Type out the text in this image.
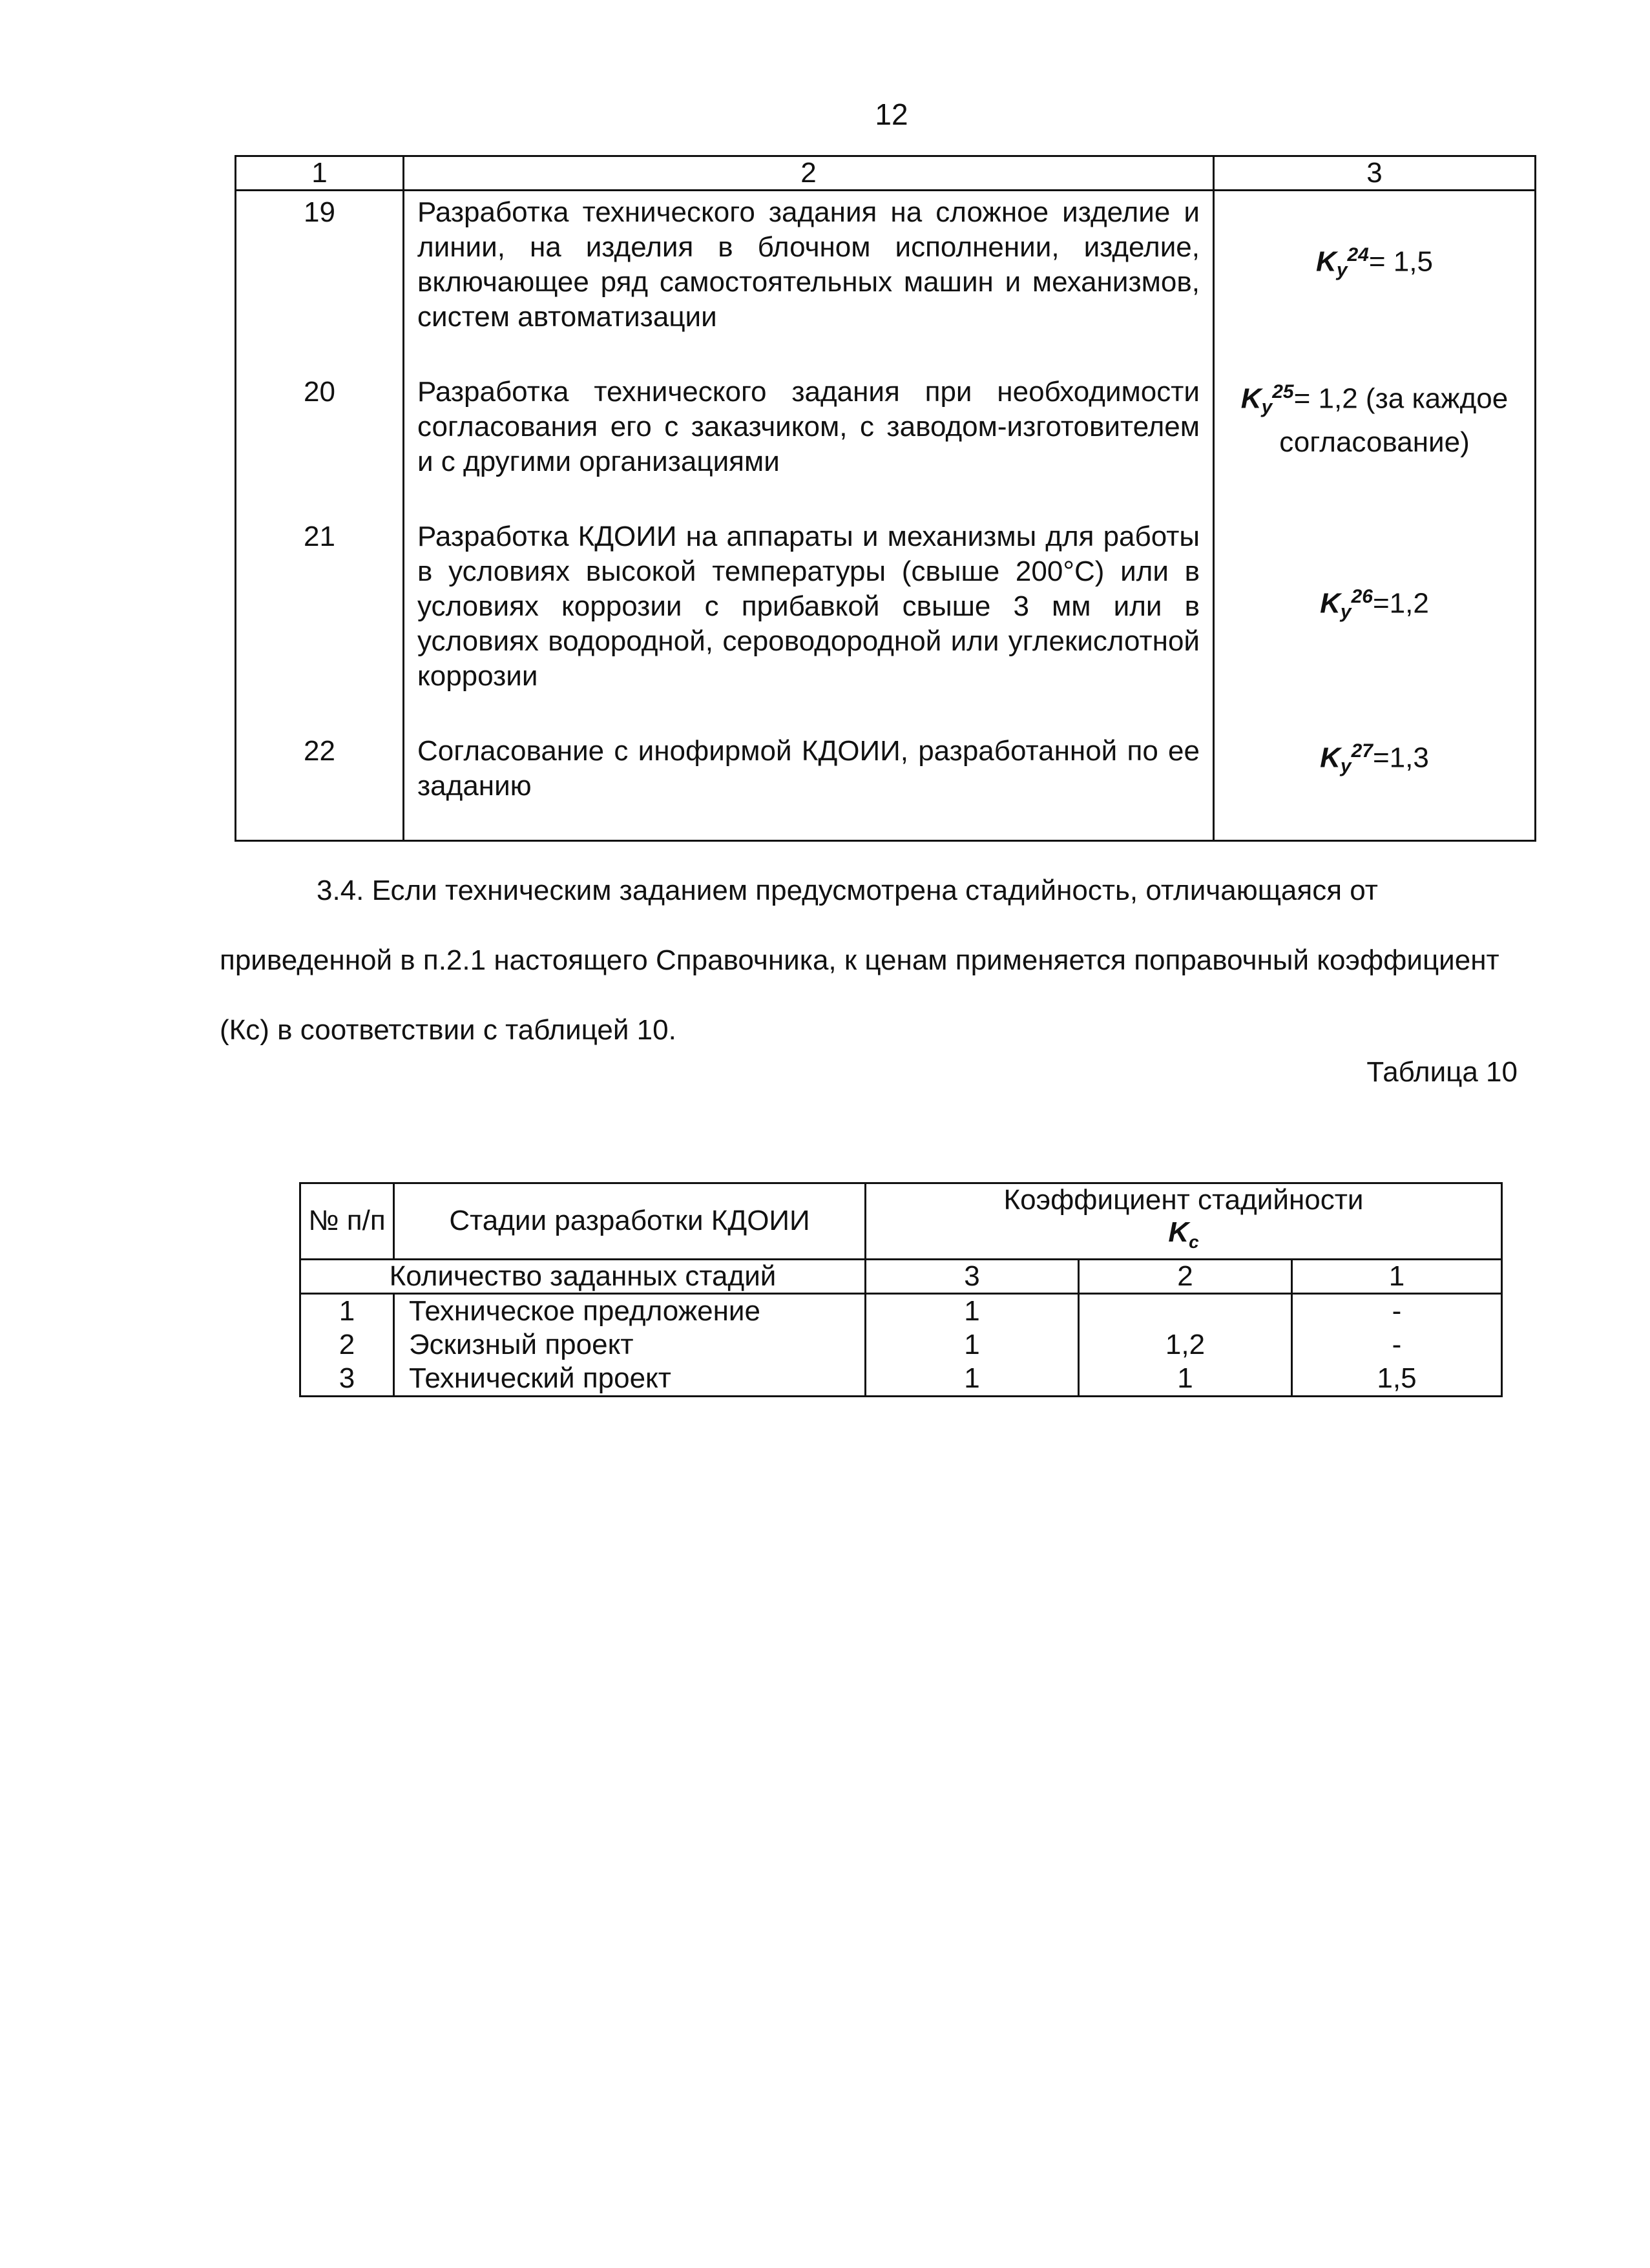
12
1	2	3
19	Разработка технического задания на сложное изделие и линии, на изделия в блочном исполнении, изделие, включающее ряд самостоятельных машин и механизмов, систем автоматизации	$Kу^{24}= 1,5$

20	Разработка технического задания при необходимости согласования его с заказчиком, с заводом-изготовителем и с другими организациями	$Kу^{25}= 1,2$ (за каждое согласование)

21	Разработка КДОИИ на аппараты и механизмы для работы в условиях высокой температуры (свыше 200°С) или в условиях коррозии с прибавкой свыше 3 мм или в условиях водородной, сероводородной или углекислотной коррозии	$Kу^{26}=1,2$

22	Согласование с инофирмой КДОИИ, разработанной по ее заданию	$Kу^{27}=1,3$

3.4. Если техническим заданием предусмотрена стадийность, отличающаяся от приведенной в п.2.1 настоящего Справочника, к ценам применяется поправочный коэффициент (Кс) в соответствии с таблицей 10.

Таблица 10
№ п/п	Стадии разработки КДОИИ	Коэффициент стадийности
$K_с$

Количество заданных стадий		3	2	1
1	Техническое предложение	1		-
2	Эскизный проект	1	1,2	-
3	Технический проект	1	1	1,5
